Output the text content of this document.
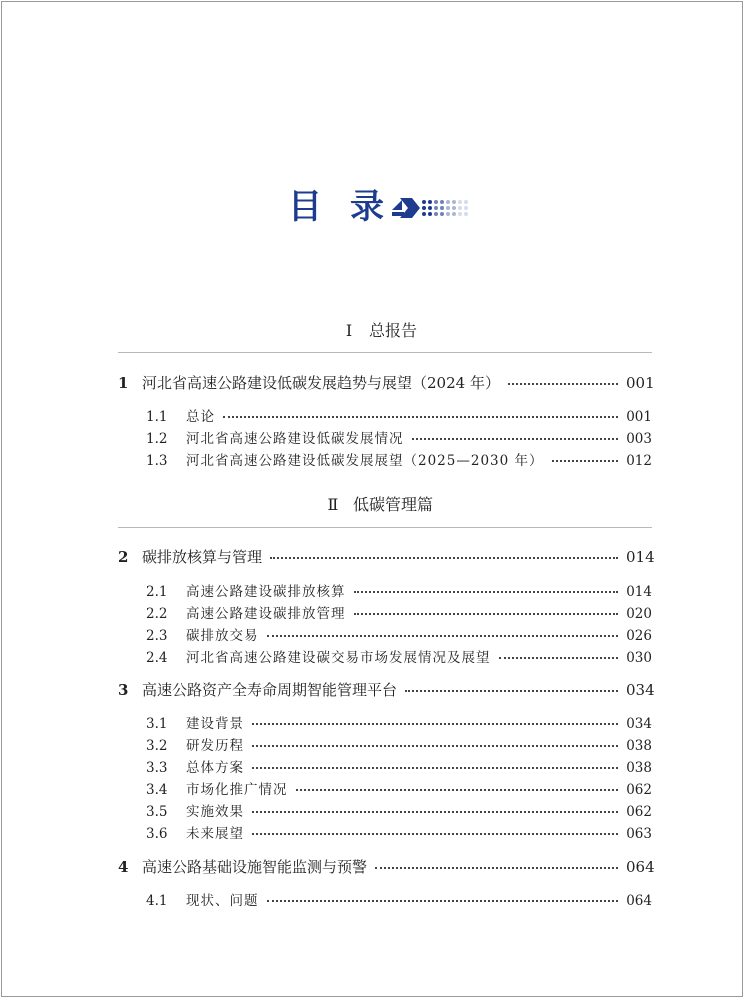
目 录
Ⅰ 总报告
1 河北省高速公路建设低碳发展趋势与展望（2024 年）	001
1.1	总论	001
1.2	河北省高速公路建设低碳发展情况	003
1.3	河北省高速公路建设低碳发展展望（2025—2030 年）	012
Ⅱ 低碳管理篇
2 碳排放核算与管理	014
2.1	高速公路建设碳排放核算	014
2.2	高速公路建设碳排放管理	020
2.3	碳排放交易	026
2.4	河北省高速公路建设碳交易市场发展情况及展望	030
3 高速公路资产全寿命周期智能管理平台	034
3.1	建设背景	034
3.2	研发历程	038
3.3	总体方案	038
3.4	市场化推广情况	062
3.5	实施效果	062
3.6	未来展望	063
4 高速公路基础设施智能监测与预警	064
4.1	现状、问题	064
